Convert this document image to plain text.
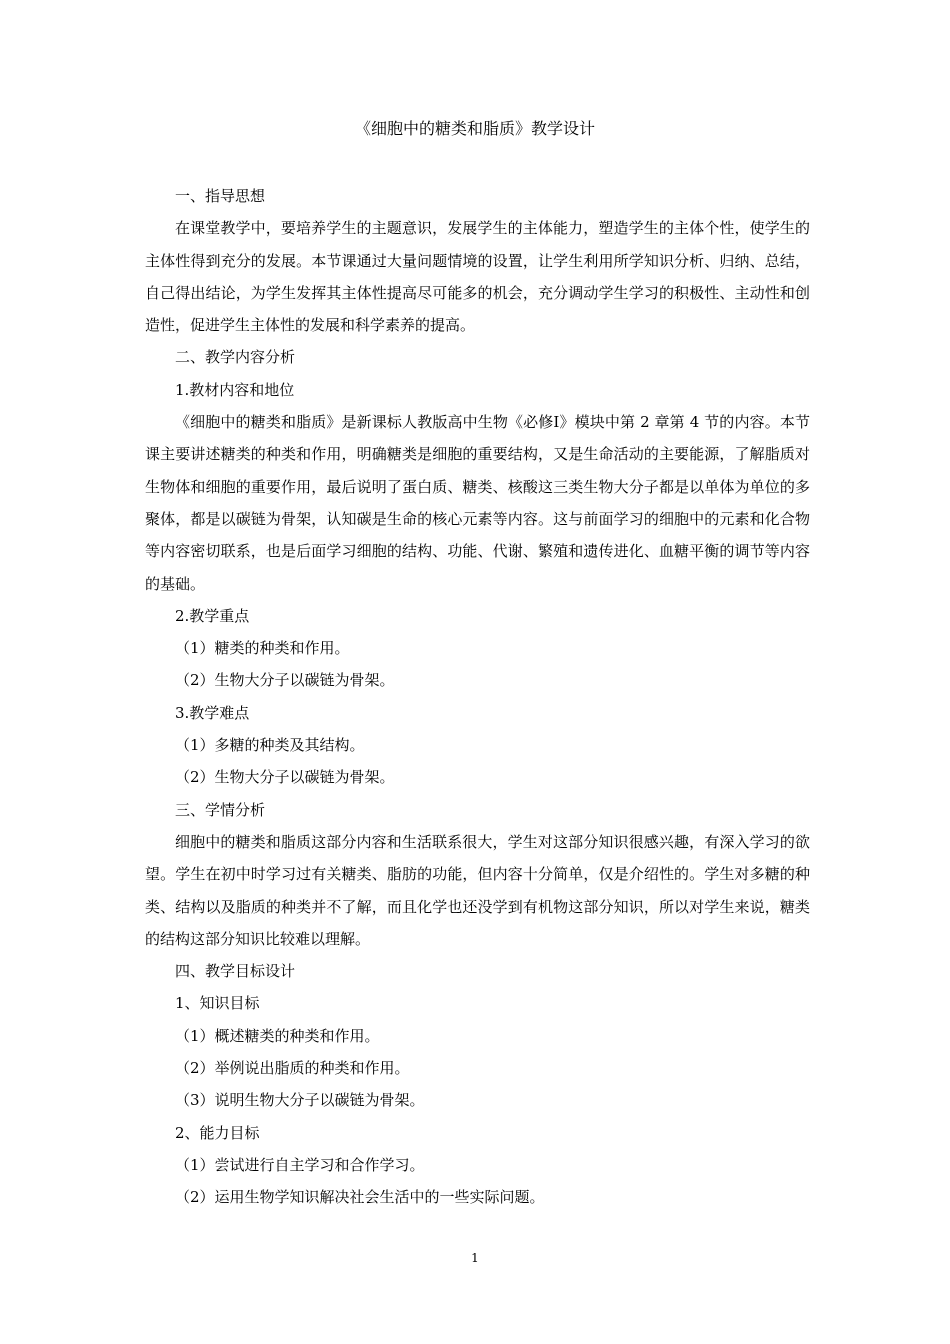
《细胞中的糖类和脂质》教学设计

一、指导思想

在课堂教学中，要培养学生的主题意识，发展学生的主体能力，塑造学生的主体个性，使学生的主体性得到充分的发展。本节课通过大量问题情境的设置，让学生利用所学知识分析、归纳、总结，自己得出结论，为学生发挥其主体性提高尽可能多的机会，充分调动学生学习的积极性、主动性和创造性，促进学生主体性的发展和科学素养的提高。

二、教学内容分析

1.教材内容和地位

《细胞中的糖类和脂质》是新课标人教版高中生物《必修Ⅰ》模块中第 2 章第 4 节的内容。本节课主要讲述糖类的种类和作用，明确糖类是细胞的重要结构，又是生命活动的主要能源，了解脂质对生物体和细胞的重要作用，最后说明了蛋白质、糖类、核酸这三类生物大分子都是以单体为单位的多聚体，都是以碳链为骨架，认知碳是生命的核心元素等内容。这与前面学习的细胞中的元素和化合物等内容密切联系，也是后面学习细胞的结构、功能、代谢、繁殖和遗传进化、血糖平衡的调节等内容的基础。

2.教学重点

（1）糖类的种类和作用。

（2）生物大分子以碳链为骨架。

3.教学难点

（1）多糖的种类及其结构。

（2）生物大分子以碳链为骨架。

三、学情分析

细胞中的糖类和脂质这部分内容和生活联系很大，学生对这部分知识很感兴趣，有深入学习的欲望。学生在初中时学习过有关糖类、脂肪的功能，但内容十分简单，仅是介绍性的。学生对多糖的种类、结构以及脂质的种类并不了解，而且化学也还没学到有机物这部分知识，所以对学生来说，糖类的结构这部分知识比较难以理解。

四、教学目标设计

1、知识目标

（1）概述糖类的种类和作用。

（2）举例说出脂质的种类和作用。

（3）说明生物大分子以碳链为骨架。

2、能力目标

（1）尝试进行自主学习和合作学习。

（2）运用生物学知识解决社会生活中的一些实际问题。

1
